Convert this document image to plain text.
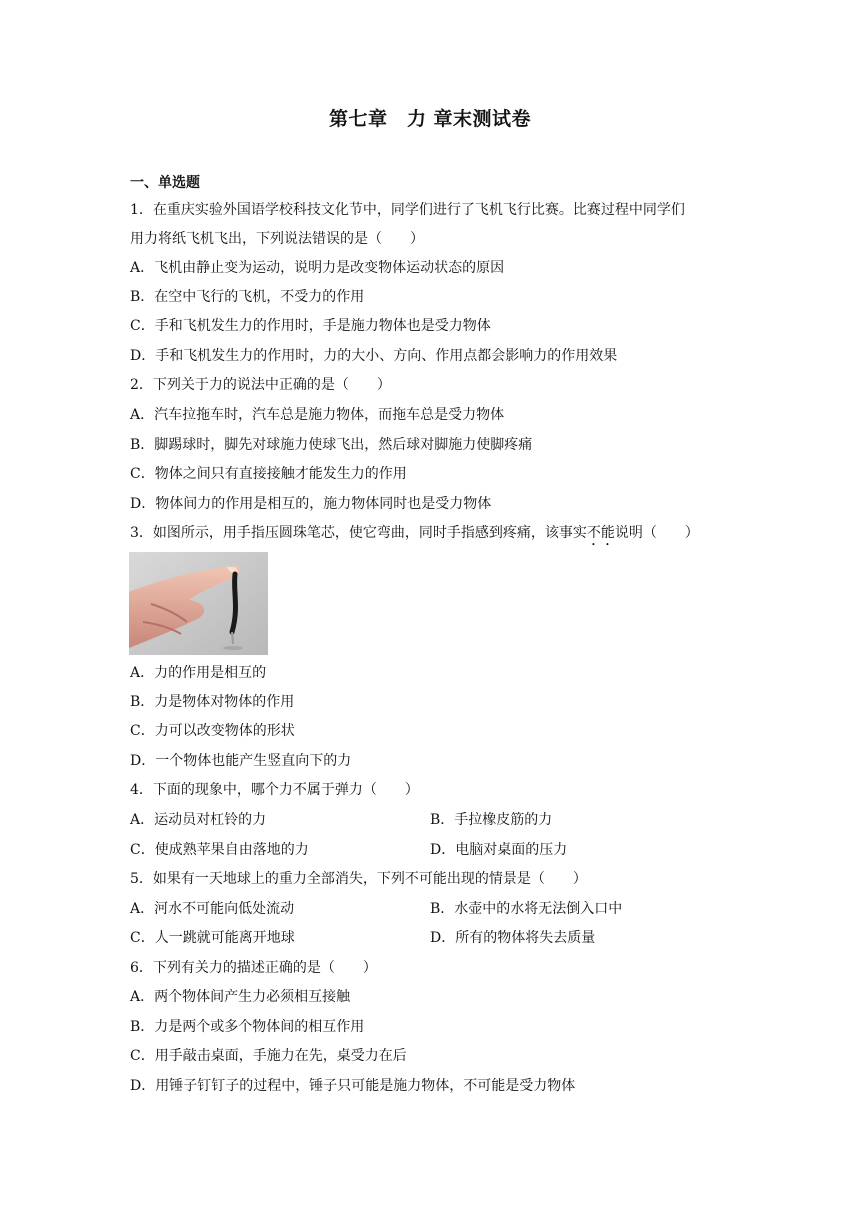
第七章　力 章末测试卷
一、单选题
1．在重庆实验外国语学校科技文化节中，同学们进行了飞机飞行比赛。比赛过程中同学们
用力将纸飞机飞出，下列说法错误的是（　　）
A．飞机由静止变为运动，说明力是改变物体运动状态的原因
B．在空中飞行的飞机，不受力的作用
C．手和飞机发生力的作用时，手是施力物体也是受力物体
D．手和飞机发生力的作用时，力的大小、方向、作用点都会影响力的作用效果
2．下列关于力的说法中正确的是（　　）
A．汽车拉拖车时，汽车总是施力物体，而拖车总是受力物体
B．脚踢球时，脚先对球施力使球飞出，然后球对脚施力使脚疼痛
C．物体之间只有直接接触才能发生力的作用
D．物体间力的作用是相互的，施力物体同时也是受力物体
3．如图所示，用手指压圆珠笔芯，使它弯曲，同时手指感到疼痛，该事实不能说明（　　）
A．力的作用是相互的
B．力是物体对物体的作用
C．力可以改变物体的形状
D．一个物体也能产生竖直向下的力
4．下面的现象中，哪个力不属于弹力（　　）
A．运动员对杠铃的力	B．手拉橡皮筋的力
C．使成熟苹果自由落地的力	D．电脑对桌面的压力
5．如果有一天地球上的重力全部消失，下列不可能出现的情景是（　　）
A．河水不可能向低处流动	B．水壶中的水将无法倒入口中
C．人一跳就可能离开地球	D．所有的物体将失去质量
6．下列有关力的描述正确的是（　　）
A．两个物体间产生力必须相互接触
B．力是两个或多个物体间的相互作用
C．用手敲击桌面，手施力在先，桌受力在后
D．用锤子钉钉子的过程中，锤子只可能是施力物体，不可能是受力物体
